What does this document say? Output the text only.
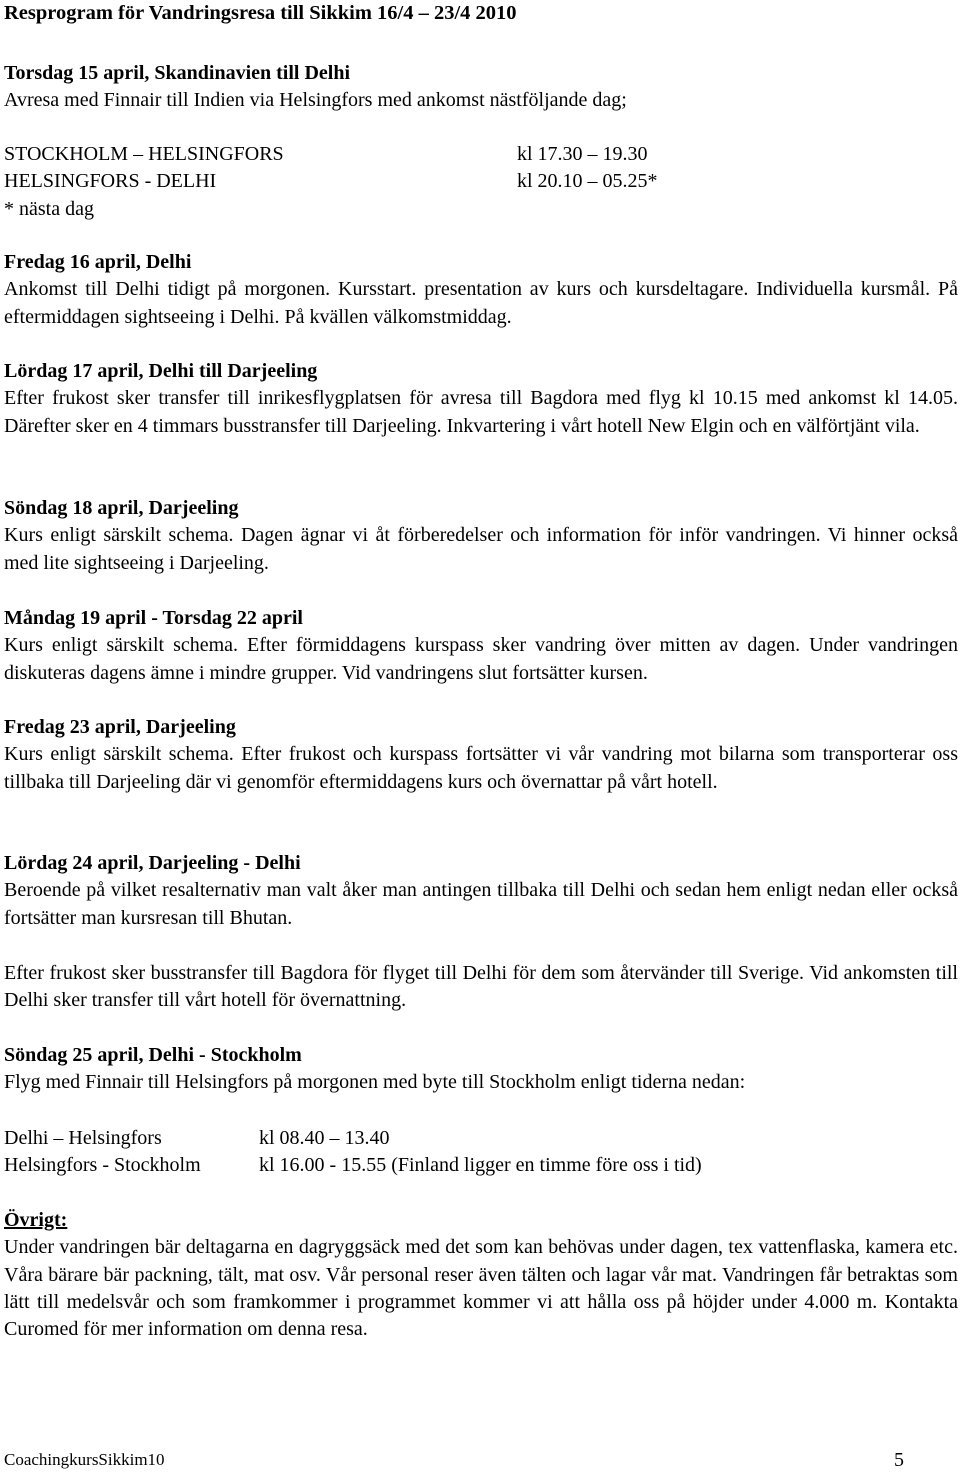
Resprogram för Vandringsresa till Sikkim 16/4 – 23/4 2010
Torsdag 15 april, Skandinavien till Delhi
Avresa med Finnair till Indien via Helsingfors med ankomst nästföljande dag;
STOCKHOLM – HELSINGFORS	kl 17.30 – 19.30
HELSINGFORS - DELHI	kl 20.10 – 05.25*
* nästa dag
Fredag 16 april, Delhi
Ankomst till Delhi tidigt på morgonen. Kursstart. presentation av kurs och kursdeltagare. Individuella kursmål. På eftermiddagen sightseeing i Delhi. På kvällen välkomstmiddag.
Lördag 17 april, Delhi till Darjeeling
Efter frukost sker transfer till inrikesflygplatsen för avresa till Bagdora med flyg kl 10.15 med ankomst kl 14.05. Därefter sker en 4 timmars busstransfer till Darjeeling. Inkvartering i vårt hotell New Elgin och en välförtjänt vila.
Söndag 18 april, Darjeeling
Kurs enligt särskilt schema. Dagen ägnar vi åt förberedelser och information för inför vandringen. Vi hinner också med lite sightseeing i Darjeeling.
Måndag 19 april - Torsdag 22 april
Kurs enligt särskilt schema. Efter förmiddagens kurspass sker vandring över mitten av dagen. Under vandringen diskuteras dagens ämne i mindre grupper. Vid vandringens slut fortsätter kursen.
Fredag 23 april, Darjeeling
Kurs enligt särskilt schema. Efter frukost och kurspass fortsätter vi vår vandring mot bilarna som transporterar oss tillbaka till Darjeeling där vi genomför eftermiddagens kurs och övernattar på vårt hotell.
Lördag 24 april, Darjeeling - Delhi
Beroende på vilket resalternativ man valt åker man antingen tillbaka till Delhi och sedan hem enligt nedan eller också fortsätter man kursresan till Bhutan.
Efter frukost sker busstransfer till Bagdora för flyget till Delhi för dem som återvänder till Sverige. Vid ankomsten till Delhi sker transfer till vårt hotell för övernattning.
Söndag 25 april, Delhi - Stockholm
Flyg med Finnair till Helsingfors på morgonen med byte till Stockholm enligt tiderna nedan:
Delhi – Helsingfors	kl 08.40 – 13.40
Helsingfors - Stockholm	kl 16.00 - 15.55 (Finland ligger en timme före oss i tid)
Övrigt:
Under vandringen bär deltagarna en dagryggsäck med det som kan behövas under dagen, tex vattenflaska, kamera etc. Våra bärare bär packning, tält, mat osv. Vår personal reser även tälten och lagar vår mat. Vandringen får betraktas som lätt till medelsvår och som framkommer i programmet kommer vi att hålla oss på höjder under 4.000 m. Kontakta Curomed för mer information om denna resa.
CoachingkursSikkim10	5
